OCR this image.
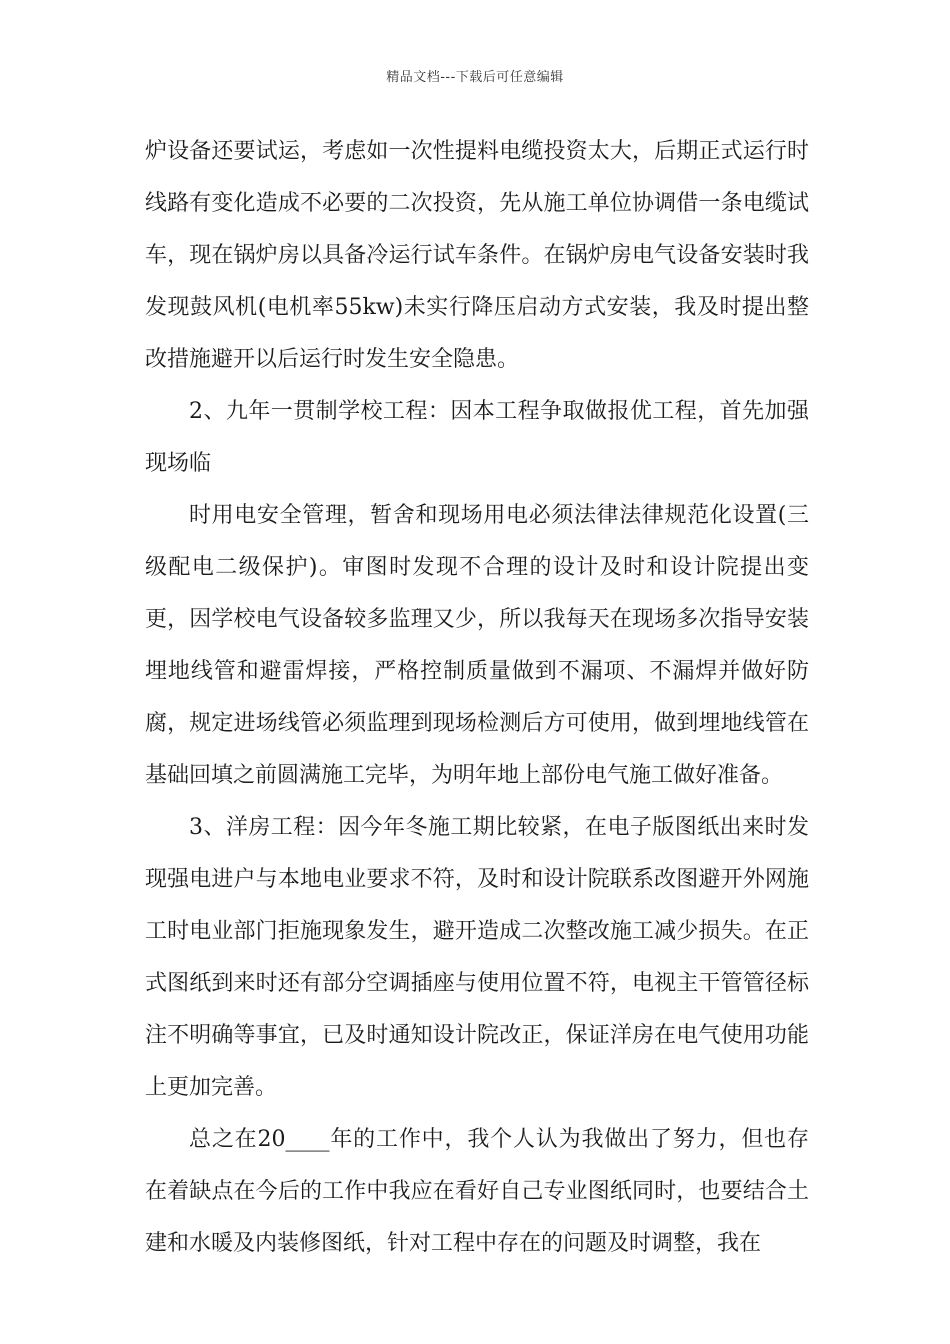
精品文档---下载后可任意编辑

炉设备还要试运，考虑如一次性提料电缆投资太大，后期正式运行时线路有变化造成不必要的二次投资，先从施工单位协调借一条电缆试车，现在锅炉房以具备冷运行试车条件。在锅炉房电气设备安装时我发现鼓风机(电机率55kw)未实行降压启动方式安装，我及时提出整改措施避开以后运行时发生安全隐患。

2、九年一贯制学校工程：因本工程争取做报优工程，首先加强现场临

时用电安全管理，暂舍和现场用电必须法律法律规范化设置(三级配电二级保护)。审图时发现不合理的设计及时和设计院提出变更，因学校电气设备较多监理又少，所以我每天在现场多次指导安装埋地线管和避雷焊接，严格控制质量做到不漏项、不漏焊并做好防腐，规定进场线管必须监理到现场检测后方可使用，做到埋地线管在基础回填之前圆满施工完毕，为明年地上部份电气施工做好准备。

3、洋房工程：因今年冬施工期比较紧，在电子版图纸出来时发现强电进户与本地电业要求不符，及时和设计院联系改图避开外网施工时电业部门拒施现象发生，避开造成二次整改施工减少损失。在正式图纸到来时还有部分空调插座与使用位置不符，电视主干管管径标注不明确等事宜，已及时通知设计院改正，保证洋房在电气使用功能上更加完善。

总之在20____年的工作中，我个人认为我做出了努力，但也存在着缺点在今后的工作中我应在看好自己专业图纸同时，也要结合土建和水暖及内装修图纸，针对工程中存在的问题及时调整，我在
